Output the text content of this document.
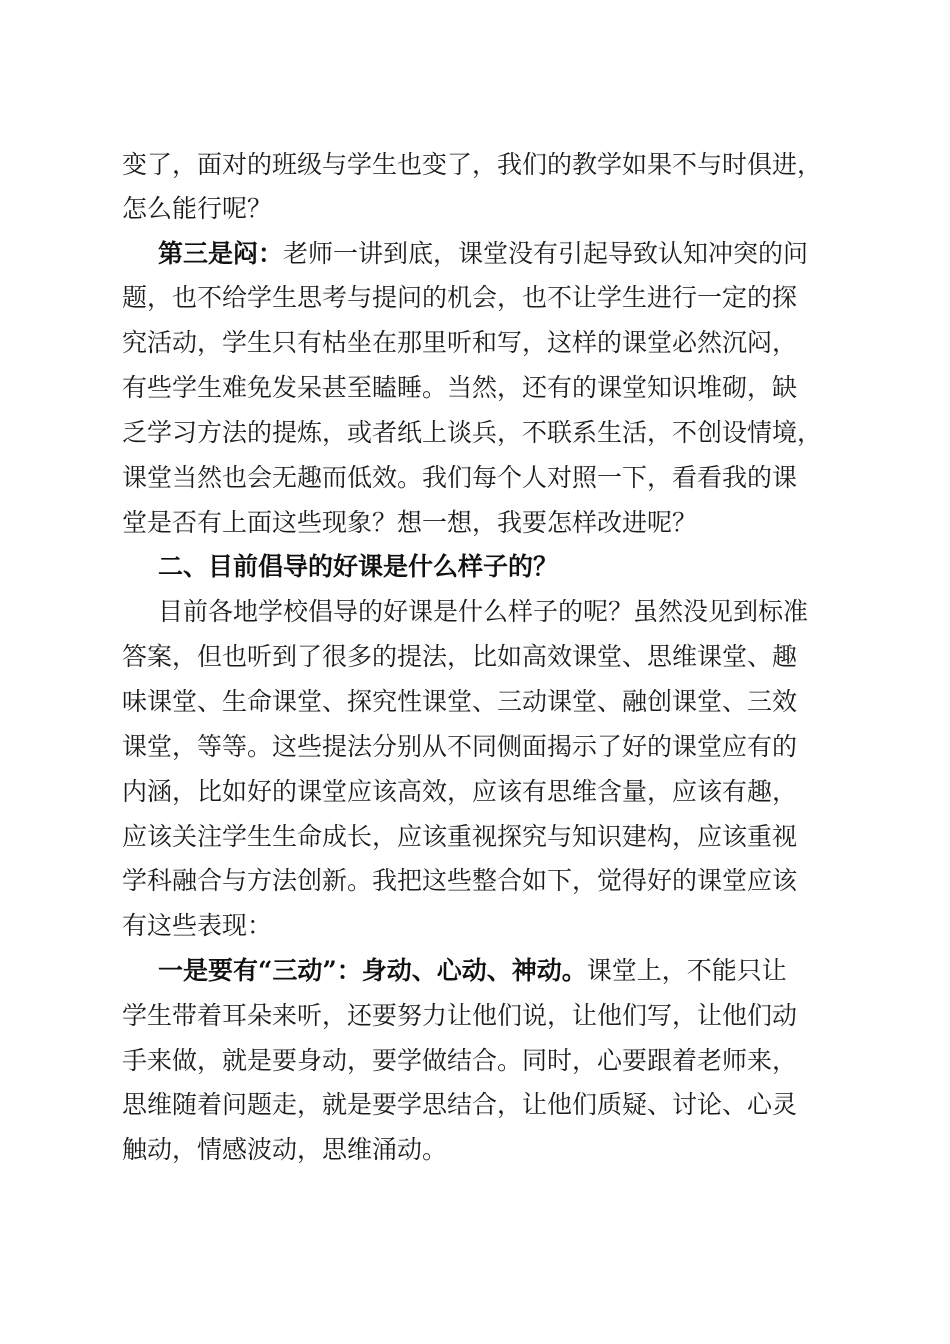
变了，面对的班级与学生也变了，我们的教学如果不与时俱进，
怎么能行呢？
第三是闷：老师一讲到底，课堂没有引起导致认知冲突的问
题，也不给学生思考与提问的机会，也不让学生进行一定的探
究活动，学生只有枯坐在那里听和写，这样的课堂必然沉闷，
有些学生难免发呆甚至瞌睡。当然，还有的课堂知识堆砌，缺
乏学习方法的提炼，或者纸上谈兵，不联系生活，不创设情境，
课堂当然也会无趣而低效。我们每个人对照一下，看看我的课
堂是否有上面这些现象？想一想，我要怎样改进呢？
二、目前倡导的好课是什么样子的？
目前各地学校倡导的好课是什么样子的呢？虽然没见到标准
答案，但也听到了很多的提法，比如高效课堂、思维课堂、趣
味课堂、生命课堂、探究性课堂、三动课堂、融创课堂、三效
课堂，等等。这些提法分别从不同侧面揭示了好的课堂应有的
内涵，比如好的课堂应该高效，应该有思维含量，应该有趣，
应该关注学生生命成长，应该重视探究与知识建构，应该重视
学科融合与方法创新。我把这些整合如下，觉得好的课堂应该
有这些表现：
一是要有“三动”：身动、心动、神动。课堂上，不能只让
学生带着耳朵来听，还要努力让他们说，让他们写，让他们动
手来做，就是要身动，要学做结合。同时，心要跟着老师来，
思维随着问题走，就是要学思结合，让他们质疑、讨论、心灵
触动，情感波动，思维涌动。
